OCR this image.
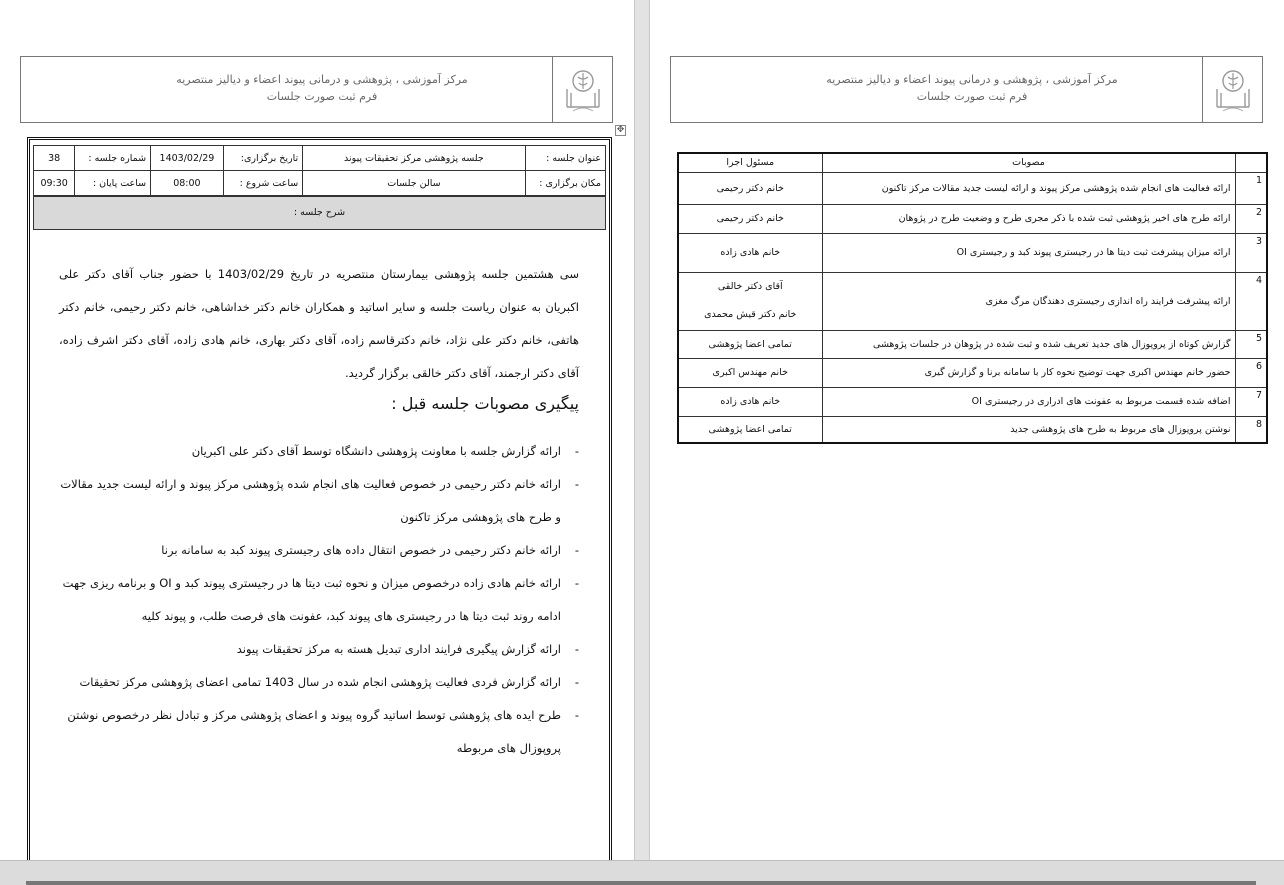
مرکز آموزشی ، پژوهشی و درمانی پیوند اعضاء و دیالیز منتصریه
فرم ثبت صورت جلسات
✥
عنوان جلسه :	جلسه پژوهشی مرکز تحقیقات پیوند	تاریخ برگزاری:	1403/02/29	شماره جلسه :	38
مکان برگزاری :	سالن جلسات	ساعت شروع :	08:00	ساعت پایان :	09:30
شرح جلسه :
سی هشتمین جلسه پژوهشی بیمارستان منتصریه در تاریخ 1403/02/29 با حضور جناب آقای دکتر علی اکبریان به عنوان ریاست جلسه و سایر اساتید و همکاران خانم دکتر خداشاهی، خانم دکتر رحیمی، خانم دکتر هاتفی، خانم دکتر علی نژاد، خانم دکترقاسم زاده، آقای دکتر بهاری، خانم هادی زاده، آقای دکتر اشرف زاده، آقای دکتر ارجمند، آقای دکتر خالقی برگزار گردید.
پیگیری مصوبات جلسه قبل :
- ارائه گزارش جلسه با معاونت پژوهشی دانشگاه توسط آقای دکتر علی اکبریان
- ارائه خانم دکتر رحیمی در خصوص فعالیت های انجام شده پژوهشی مرکز پیوند و ارائه لیست جدید مقالات و طرح های پژوهشی مرکز تاکنون
- ارائه خانم دکتر رحیمی در خصوص انتقال داده های رجیستری پیوند کبد به سامانه برنا
- ارائه خانم هادی زاده درخصوص میزان و نحوه ثبت دیتا ها در رجیستری پیوند کبد و OI و برنامه ریزی جهت ادامه روند ثبت دیتا ها در رجیستری های پیوند کبد، عفونت های فرصت طلب، و پیوند کلیه
- ارائه گزارش پیگیری فرایند اداری تبدیل هسته به مرکز تحقیقات پیوند
- ارائه گزارش فردی فعالیت پژوهشی انجام شده در سال 1403 تمامی اعضای پژوهشی مرکز تحقیقات
- طرح ایده های پژوهشی توسط اساتید گروه پیوند و اعضای پژوهشی مرکز و تبادل نظر درخصوص نوشتن پروپوزال های مربوطه
مرکز آموزشی ، پژوهشی و درمانی پیوند اعضاء و دیالیز منتصریه
فرم ثبت صورت جلسات
	مصوبات	مسئول اجرا
1	ارائه فعالیت های انجام شده پژوهشی مرکز پیوند و ارائه لیست جدید مقالات مرکز تاکنون	خانم دکتر رحیمی
2	ارائه طرح های اخیر پژوهشی ثبت شده با ذکر مجری طرح و وضعیت طرح در پژوهان	خانم دکتر رحیمی
3	ارائه میزان پیشرفت ثبت دیتا ها در رجیستری پیوند کبد و رجیستری OI	خانم هادی زاده
4	ارائه پیشرفت فرایند راه اندازی رجیستری دهندگان مرگ مغزی	آقای دکتر خالقی
خانم دکتر قیش محمدی

5	گزارش کوتاه از پروپوزال های جدید تعریف شده و ثبت شده در پژوهان در جلسات پژوهشی	تمامی اعضا پژوهشی
6	حضور خانم مهندس اکبری جهت توضیح نحوه کار با سامانه برنا و گزارش گیری	خانم مهندس اکبری
7	اضافه شده قسمت مربوط به عفونت های ادراری در رجیستری OI	خانم هادی زاده
8	نوشتن پروپوزال های مربوط به طرح های پژوهشی جدید	تمامی اعضا پژوهشی
